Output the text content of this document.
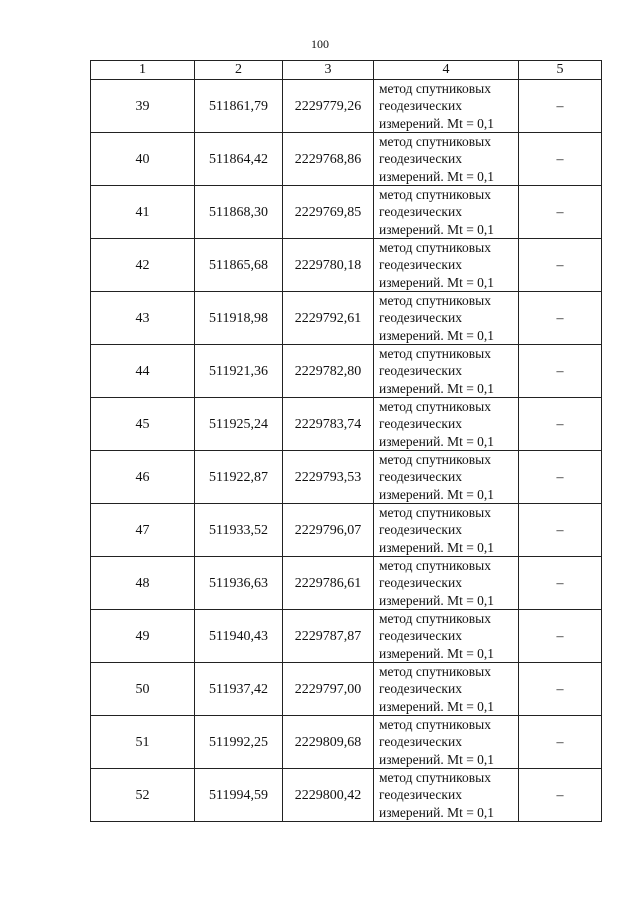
100
1	2	3	4	5
39	511861,79	2229779,26	метод спутниковых
геодезических
измерений. Mt = 0,1	–
40	511864,42	2229768,86	метод спутниковых
геодезических
измерений. Mt = 0,1	–
41	511868,30	2229769,85	метод спутниковых
геодезических
измерений. Mt = 0,1	–
42	511865,68	2229780,18	метод спутниковых
геодезических
измерений. Mt = 0,1	–
43	511918,98	2229792,61	метод спутниковых
геодезических
измерений. Mt = 0,1	–
44	511921,36	2229782,80	метод спутниковых
геодезических
измерений. Mt = 0,1	–
45	511925,24	2229783,74	метод спутниковых
геодезических
измерений. Mt = 0,1	–
46	511922,87	2229793,53	метод спутниковых
геодезических
измерений. Mt = 0,1	–
47	511933,52	2229796,07	метод спутниковых
геодезических
измерений. Mt = 0,1	–
48	511936,63	2229786,61	метод спутниковых
геодезических
измерений. Mt = 0,1	–
49	511940,43	2229787,87	метод спутниковых
геодезических
измерений. Mt = 0,1	–
50	511937,42	2229797,00	метод спутниковых
геодезических
измерений. Mt = 0,1	–
51	511992,25	2229809,68	метод спутниковых
геодезических
измерений. Mt = 0,1	–
52	511994,59	2229800,42	метод спутниковых
геодезических
измерений. Mt = 0,1	–
